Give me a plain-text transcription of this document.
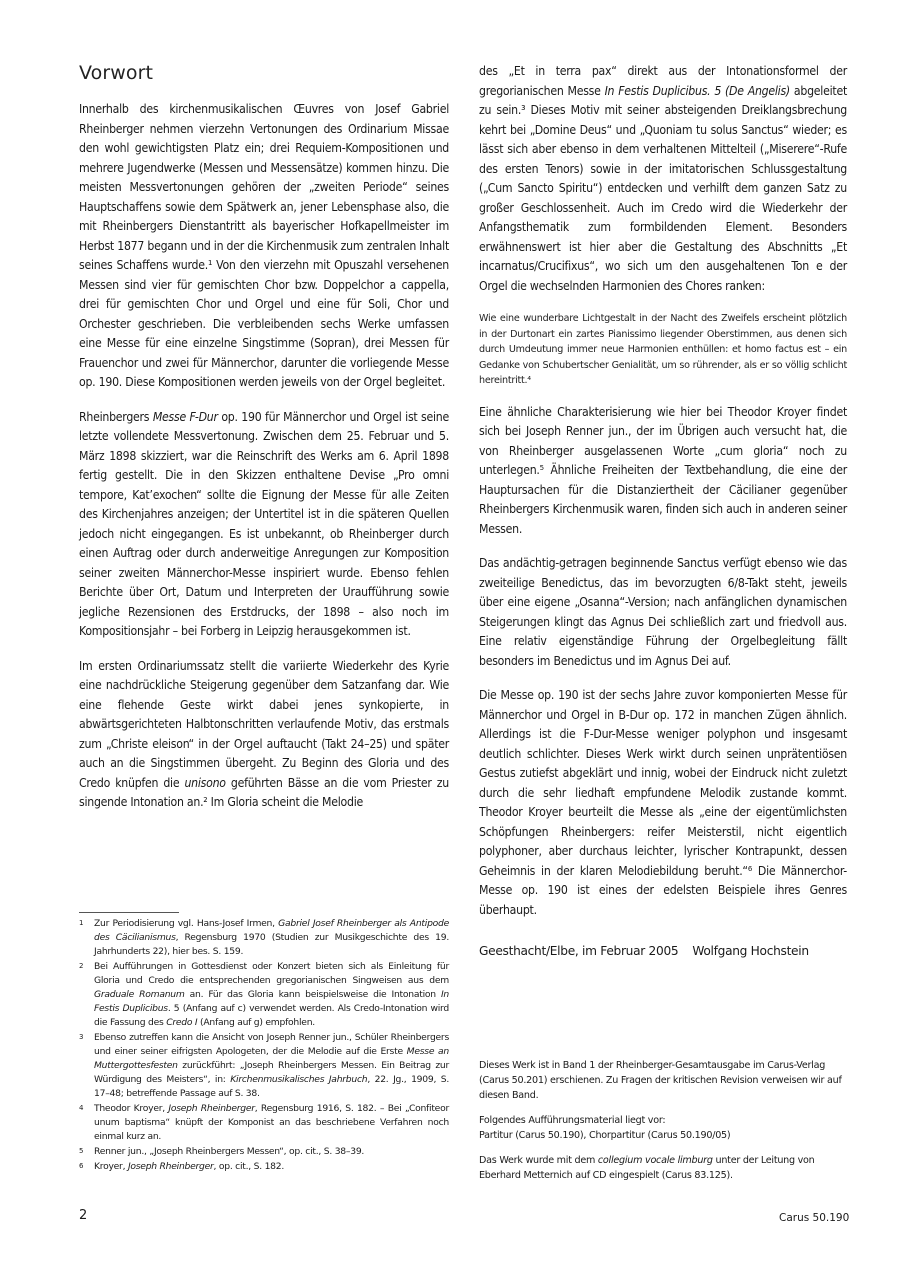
Vorwort

Innerhalb des kirchenmusikalischen Œuvres von Josef Gabriel Rheinberger nehmen vierzehn Vertonungen des Ordinarium Missae den wohl gewichtigsten Platz ein; drei Requiem-Kompositionen und mehrere Jugendwerke (Messen und Messensätze) kommen hinzu. Die meisten Messvertonungen gehören der „zweiten Periode“ seines Hauptschaffens sowie dem Spätwerk an, jener Lebensphase also, die mit Rheinbergers Dienstantritt als bayerischer Hofkapellmeister im Herbst 1877 begann und in der die Kirchenmusik zum zentralen Inhalt seines Schaffens wurde.¹ Von den vierzehn mit Opuszahl versehenen Messen sind vier für gemischten Chor bzw. Doppelchor a cappella, drei für gemischten Chor und Orgel und eine für Soli, Chor und Orchester geschrieben. Die verbleibenden sechs Werke umfassen eine Messe für eine einzelne Singstimme (Sopran), drei Messen für Frauenchor und zwei für Männerchor, darunter die vorliegende Messe op. 190. Diese Kompositionen werden jeweils von der Orgel begleitet.

Rheinbergers Messe F-Dur op. 190 für Männerchor und Orgel ist seine letzte vollendete Messvertonung. Zwischen dem 25. Februar und 5. März 1898 skizziert, war die Reinschrift des Werks am 6. April 1898 fertig gestellt. Die in den Skizzen enthaltene Devise „Pro omni tempore, Kat’exochen“ sollte die Eignung der Messe für alle Zeiten des Kirchenjahres anzeigen; der Untertitel ist in die späteren Quellen jedoch nicht eingegangen. Es ist unbekannt, ob Rheinberger durch einen Auftrag oder durch anderweitige Anregungen zur Komposition seiner zweiten Männerchor-Messe inspiriert wurde. Ebenso fehlen Berichte über Ort, Datum und Interpreten der Uraufführung sowie jegliche Rezensionen des Erstdrucks, der 1898 – also noch im Kompositionsjahr – bei Forberg in Leipzig herausgekommen ist.

Im ersten Ordinariumssatz stellt die variierte Wiederkehr des Kyrie eine nachdrückliche Steigerung gegenüber dem Satzanfang dar. Wie eine flehende Geste wirkt dabei jenes synkopierte, in abwärtsgerichteten Halbtonschritten verlaufende Motiv, das erstmals zum „Christe eleison“ in der Orgel auftaucht (Takt 24–25) und später auch an die Singstimmen übergeht. Zu Beginn des Gloria und des Credo knüpfen die unisono geführten Bässe an die vom Priester zu singende Intonation an.² Im Gloria scheint die Melodie

1	Zur Periodisierung vgl. Hans-Josef Irmen, Gabriel Josef Rheinberger als Antipode des Cäcilianismus, Regensburg 1970 (Studien zur Musikgeschichte des 19. Jahrhunderts 22), hier bes. S. 159.
2	Bei Aufführungen in Gottesdienst oder Konzert bieten sich als Einleitung für Gloria und Credo die entsprechenden gregorianischen Singweisen aus dem Graduale Romanum an. Für das Gloria kann beispielsweise die Intonation In Festis Duplicibus. 5 (Anfang auf c) verwendet werden. Als Credo-Intonation wird die Fassung des Credo I (Anfang auf g) empfohlen.
3	Ebenso zutreffen kann die Ansicht von Joseph Renner jun., Schüler Rheinbergers und einer seiner eifrigsten Apologeten, der die Melodie auf die Erste Messe an Muttergottesfesten zurückführt: „Joseph Rheinbergers Messen. Ein Beitrag zur Würdigung des Meisters“, in: Kirchenmusikalisches Jahrbuch, 22. Jg., 1909, S. 17–48; betreffende Passage auf S. 38.
4	Theodor Kroyer, Joseph Rheinberger, Regensburg 1916, S. 182. – Bei „Confiteor unum baptisma“ knüpft der Komponist an das beschriebene Verfahren noch einmal kurz an.
5	Renner jun., „Joseph Rheinbergers Messen“, op. cit., S. 38–39.
6	Kroyer, Joseph Rheinberger, op. cit., S. 182.

des „Et in terra pax“ direkt aus der Intonationsformel der gregorianischen Messe In Festis Duplicibus. 5 (De Angelis) abgeleitet zu sein.³ Dieses Motiv mit seiner absteigenden Dreiklangsbrechung kehrt bei „Domine Deus“ und „Quoniam tu solus Sanctus“ wieder; es lässt sich aber ebenso in dem verhaltenen Mittelteil („Miserere“-Rufe des ersten Tenors) sowie in der imitatorischen Schlussgestaltung („Cum Sancto Spiritu“) entdecken und verhilft dem ganzen Satz zu großer Geschlossenheit. Auch im Credo wird die Wiederkehr der Anfangsthematik zum formbildenden Element. Besonders erwähnenswert ist hier aber die Gestaltung des Abschnitts „Et incarnatus/Crucifixus“, wo sich um den ausgehaltenen Ton e der Orgel die wechselnden Harmonien des Chores ranken:

Wie eine wunderbare Lichtgestalt in der Nacht des Zweifels erscheint plötzlich in der Durtonart ein zartes Pianissimo liegender Oberstimmen, aus denen sich durch Umdeutung immer neue Harmonien enthüllen: et homo factus est – ein Gedanke von Schubertscher Genialität, um so rührender, als er so völlig schlicht hereintritt.⁴

Eine ähnliche Charakterisierung wie hier bei Theodor Kroyer findet sich bei Joseph Renner jun., der im Übrigen auch versucht hat, die von Rheinberger ausgelassenen Worte „cum gloria“ noch zu unterlegen.⁵ Ähnliche Freiheiten der Textbehandlung, die eine der Hauptursachen für die Distanziertheit der Cäcilianer gegenüber Rheinbergers Kirchenmusik waren, finden sich auch in anderen seiner Messen.

Das andächtig-getragen beginnende Sanctus verfügt ebenso wie das zweiteilige Benedictus, das im bevorzugten 6/8-Takt steht, jeweils über eine eigene „Osanna“-Version; nach anfänglichen dynamischen Steigerungen klingt das Agnus Dei schließlich zart und friedvoll aus. Eine relativ eigenständige Führung der Orgelbegleitung fällt besonders im Benedictus und im Agnus Dei auf.

Die Messe op. 190 ist der sechs Jahre zuvor komponierten Messe für Männerchor und Orgel in B-Dur op. 172 in manchen Zügen ähnlich. Allerdings ist die F-Dur-Messe weniger polyphon und insgesamt deutlich schlichter. Dieses Werk wirkt durch seinen unprätentiösen Gestus zutiefst abgeklärt und innig, wobei der Eindruck nicht zuletzt durch die sehr liedhaft empfundene Melodik zustande kommt. Theodor Kroyer beurteilt die Messe als „eine der eigentümlichsten Schöpfungen Rheinbergers: reifer Meisterstil, nicht eigentlich polyphoner, aber durchaus leichter, lyrischer Kontrapunkt, dessen Geheimnis in der klaren Melodiebildung beruht.“⁶ Die Männerchor-Messe op. 190 ist eines der edelsten Beispiele ihres Genres überhaupt.

Geesthacht/Elbe, im Februar 2005 Wolfgang Hochstein

Dieses Werk ist in Band 1 der Rheinberger-Gesamtausgabe im Carus-Verlag (Carus 50.201) erschienen. Zu Fragen der kritischen Revision verweisen wir auf diesen Band.

Folgendes Aufführungsmaterial liegt vor:
Partitur (Carus 50.190), Chorpartitur (Carus 50.190/05)

Das Werk wurde mit dem collegium vocale limburg unter der Leitung von Eberhard Metternich auf CD eingespielt (Carus 83.125).

2	Carus 50.190
